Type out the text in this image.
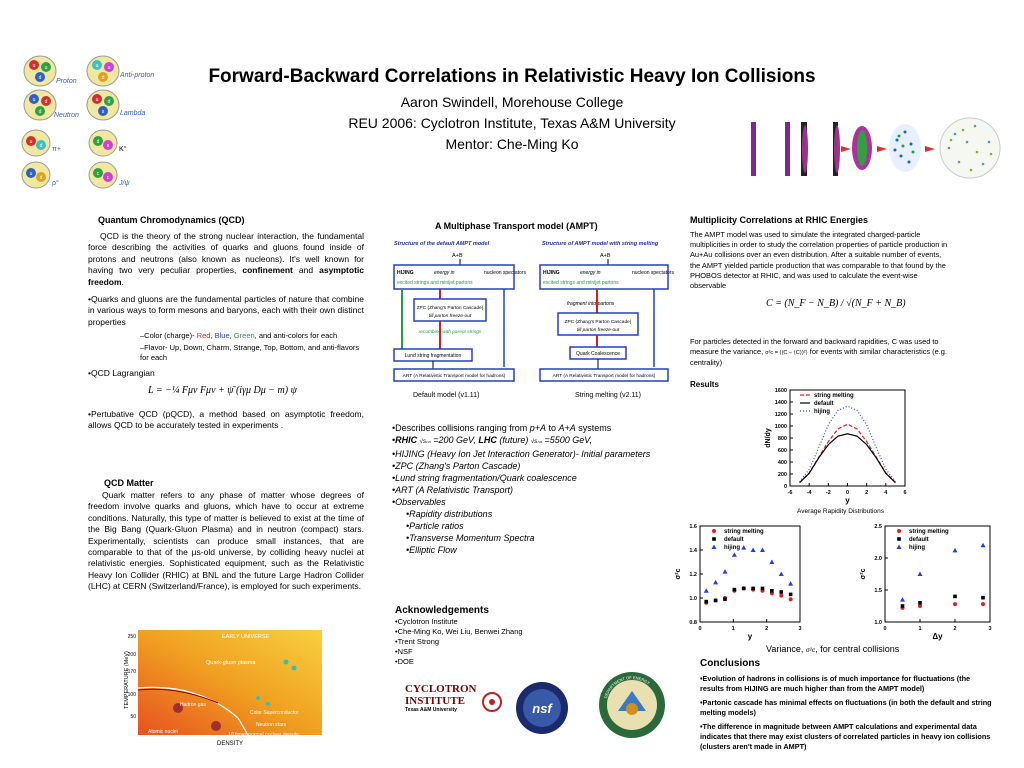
Proton
Anti-proton
Neutron	Lambda
π+	K°
ρ°	J/ψ
u u
d
u u
d
u d
d
u d
s
u
d
d
s
u
d
c
c
Forward-Backward Correlations in Relativistic Heavy Ion Collisions
Aaron Swindell, Morehouse College
REU 2006: Cyclotron Institute, Texas A&M University
Mentor: Che-Ming Ko
Quantum Chromodynamics (QCD)
QCD is the theory of the strong nuclear interaction, the fundamental force describing the activities of quarks and gluons found inside of protons and neutrons (also known as nucleons). It's well known for having two very peculiar properties, confinement and asymptotic freedom.
•Quarks and gluons are the fundamental particles of nature that combine in various ways to form mesons and baryons, each with their own distinct properties
–Color (charge)- Red, Blue, Green, and anti-colors for each
–Flavor- Up, Down, Charm, Strange, Top, Bottom, and anti-flavors for each
•QCD Lagrangian
L = −¼ Fμν Fμν + ψ̄ (iγμ Dμ − m) ψ
•Pertubative QCD (pQCD), a method based on asymptotic freedom, allows QCD to be accurately tested in experiments .
QCD Matter
Quark matter refers to any phase of matter whose degrees of freedom involve quarks and gluons, which have to occur at extreme conditions. Naturally, this type of matter is believed to exist at the time of the Big Bang (Quark-Gluon Plasma) and in neutron (compact) stars. Experimentally, scientists can produce small instances, that are comparable to that of the µs-old universe, by colliding heavy nuclei at relativistic energies. Sophisticated equipment, such as the Relativistic Heavy Ion Collider (RHIC) at BNL and the future Large Hadron Collider (LHC) at CERN (Switzerland/France), is employed for such experiments.
TEMPERATURE (MeV)
250
200
170
100
50
EARLY UNIVERSE
Quark-gluon plasma
Hadron gas
Color Superconductor
Neutron stars
Atomic nuclei	10 times normal nuclear density
DENSITY
A Multiphase Transport model (AMPT)
Structure of the default AMPT model	Structure of AMPT model with string melting
A+B	A+B
HIJING	HIJING
energy in	energy in
excited strings and minijet partons	excited strings and minijet partons
nucleon spectators	nucleon spectators
fragment into partons
ZPC (Zhang's Parton Cascade)
till parton freeze-out
ZPC (Zhang's Parton Cascade)
till parton freeze-out
recombine with parent strings
Lund string fragmentation	Quark Coalescence
ART (A Relativistic Transport model for hadrons)	ART (A Relativistic Transport model for hadrons)
Default model (v1.11)	String melting (v2.11)
•Describes collisions ranging from p+A to A+A systems
•RHIC √sₙₙ =200 GeV, LHC (future) √sₙₙ =5500 GeV,
•HIJING (Heavy Ion Jet Interaction Generator)- Initial parameters
•ZPC (Zhang's Parton Cascade)
•Lund string fragmentation/Quark coalescence
•ART (A Relativistic Transport)
•Observables
•Rapidity distributions
•Particle ratios
•Transverse Momentum Spectra
•Elliptic Flow
Acknowledgements
•Cyclotron Institute
•Che-Ming Ko, Wei Liu, Benwei Zhang
•Trent Strong
•NSF
•DOE
CYCLOTRON
INSTITUTE
Texas A&M University	nsf
DEPARTMENT OF ENERGY
Multiplicity Correlations at RHIC Energies
The AMPT model was used to simulate the integrated charged-particle multiplicities in order to study the correlation properties of particle production in Au+Au collisions over an even distribution. After a suitable number of events, the AMPT yielded particle production that was comparable to that found by the PHOBOS detector at RHIC, and was used to calculate the event-wise observable
C = (N_F − N_B) / √(N_F + N_B)
For particles detected in the forward and backward rapidities, C was used to measure the variance, σ²c = ⟨(C − ⟨C⟩)²⟩ for events with similar characteristics (e.g. centrality)
Results
-6	-4	-2	0	2	4	6
0
200
400
600
800
1000
1200
1400
1600
y
dN/dy
string melting
default
hijing
Average Rapidity Distributions
0	1	2	3
0.8
1.0
1.2
1.4
1.6
y
σ²c
string melting
default
hijing
0	1	2	3
1.0
1.5
2.0
2.5
Δy
σ²c
string melting
default
hijing
Variance, σ²c, for central collisions
Conclusions
•Evolution of hadrons in collisions is of much importance for fluctuations (the results from HIJING are much higher than from the AMPT model)
•Partonic cascade has minimal effects on fluctuations (in both the default and string melting models)
•The difference in magnitude between AMPT calculations and experimental data indicates that there may exist clusters of correlated particles in heavy ion collisions (clusters aren't made in AMPT)
